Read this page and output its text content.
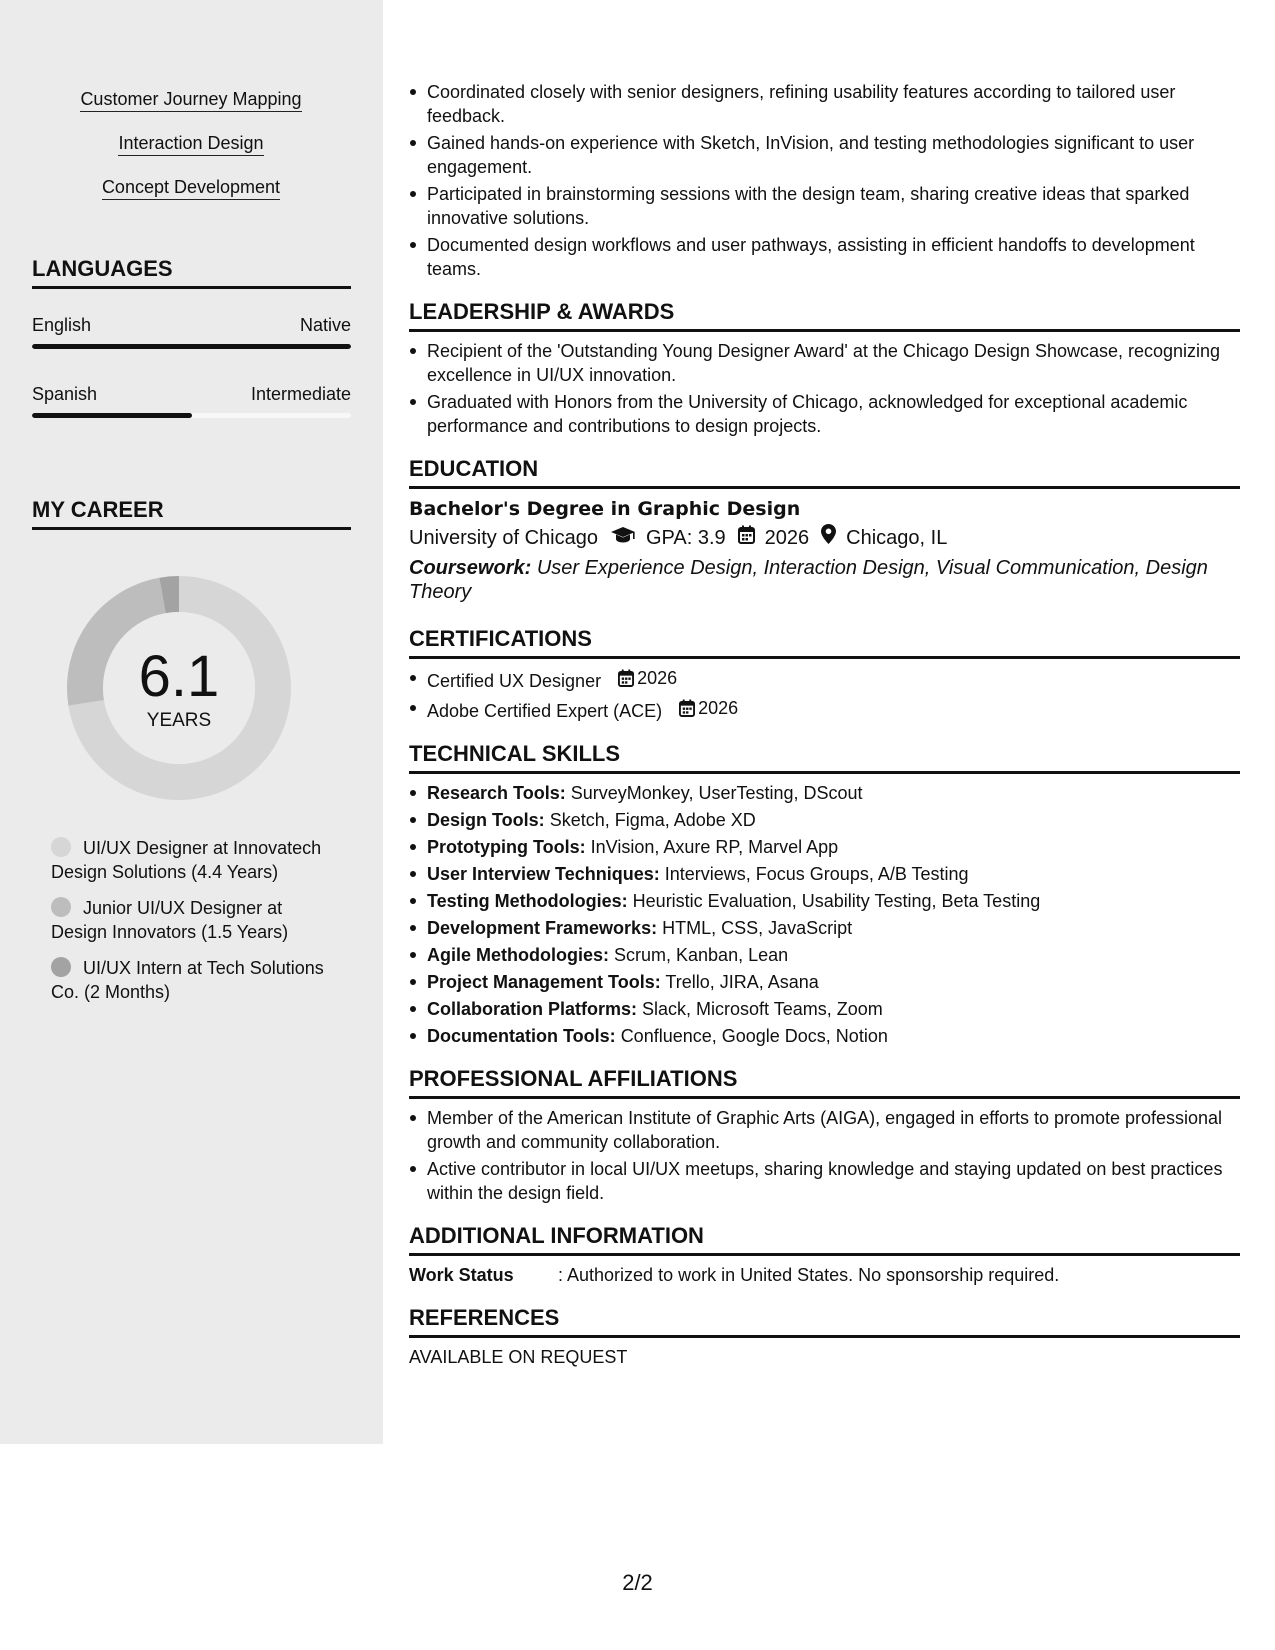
Customer Journey Mapping
Interaction Design
Concept Development
LANGUAGES
English	Native
Spanish	Intermediate
MY CAREER
6.1
YEARS
UI/UX Designer at Innovatech Design Solutions (4.4 Years)
Junior UI/UX Designer at Design Innovators (1.5 Years)
UI/UX Intern at Tech Solutions Co. (2 Months)
Coordinated closely with senior designers, refining usability features according to tailored user feedback.
Gained hands-on experience with Sketch, InVision, and testing methodologies significant to user engagement.
Participated in brainstorming sessions with the design team, sharing creative ideas that sparked innovative solutions.
Documented design workflows and user pathways, assisting in efficient handoffs to development teams.
LEADERSHIP & AWARDS
Recipient of the 'Outstanding Young Designer Award' at the Chicago Design Showcase, recognizing excellence in UI/UX innovation.
Graduated with Honors from the University of Chicago, acknowledged for exceptional academic performance and contributions to design projects.
EDUCATION
Bachelor's Degree in Graphic Design
University of Chicago GPA: 3.9 2026 Chicago, IL
Coursework: User Experience Design, Interaction Design, Visual Communication, Design Theory
CERTIFICATIONS
Certified UX Designer 2026
Adobe Certified Expert (ACE) 2026
TECHNICAL SKILLS
Research Tools: SurveyMonkey, UserTesting, DScout
Design Tools: Sketch, Figma, Adobe XD
Prototyping Tools: InVision, Axure RP, Marvel App
User Interview Techniques: Interviews, Focus Groups, A/B Testing
Testing Methodologies: Heuristic Evaluation, Usability Testing, Beta Testing
Development Frameworks: HTML, CSS, JavaScript
Agile Methodologies: Scrum, Kanban, Lean
Project Management Tools: Trello, JIRA, Asana
Collaboration Platforms: Slack, Microsoft Teams, Zoom
Documentation Tools: Confluence, Google Docs, Notion
PROFESSIONAL AFFILIATIONS
Member of the American Institute of Graphic Arts (AIGA), engaged in efforts to promote professional growth and community collaboration.
Active contributor in local UI/UX meetups, sharing knowledge and staying updated on best practices within the design field.
ADDITIONAL INFORMATION
Work Status	: Authorized to work in United States. No sponsorship required.
REFERENCES
AVAILABLE ON REQUEST
2/2
